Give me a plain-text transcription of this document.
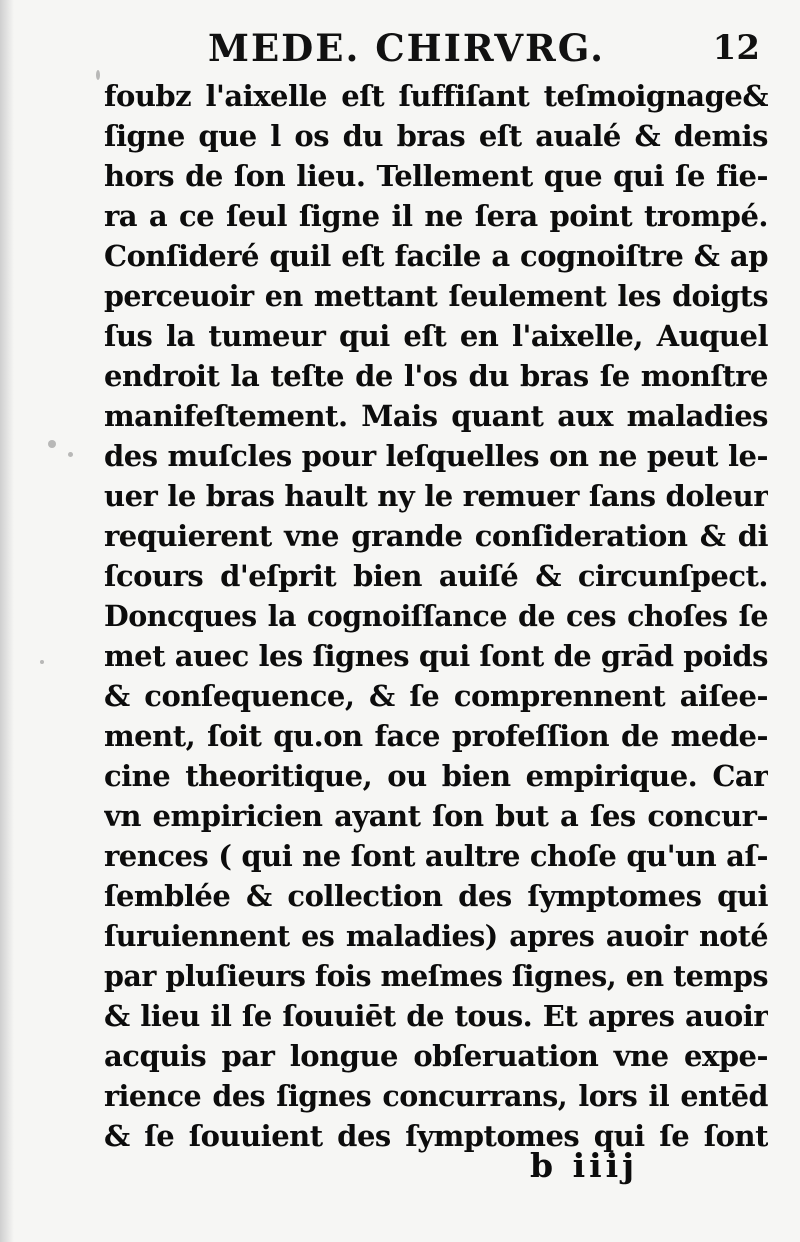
MEDE. CHIRVRG.	12
foubz l'aixelle eſt ſuffiſant teſmoignage&
ſigne que l os du bras eſt aualé & demis
hors de ſon lieu. Tellement que qui ſe fie-
ra a ce ſeul ſigne il ne ſera point trompé.
Conſideré quil eſt facile a cognoiſtre & ap
perceuoir en mettant ſeulement les doigts
ſus la tumeur qui eſt en l'aixelle, Auquel
endroit la teſte de l'os du bras ſe monſtre
manifeſtement. Mais quant aux maladies
des muſcles pour leſquelles on ne peut le-
uer le bras hault ny le remuer ſans doleur
requierent vne grande conſideration & di
ſcours d'eſprit bien auiſé & circunſpect.
Doncques la cognoiſſance de ces choſes ſe
met auec les ſignes qui ſont de grād poids
& conſequence, & ſe comprennent aiſee-
ment, ſoit qu.on face profeſſion de mede-
cine theoritique, ou bien empirique. Car
vn empiricien ayant ſon but a ſes concur-
rences ( qui ne ſont aultre choſe qu'un aſ-
ſemblée & collection des ſymptomes qui
ſuruiennent es maladies) apres auoir noté
par pluſieurs fois meſmes ſignes, en temps
& lieu il ſe ſouuiēt de tous. Et apres auoir
acquis par longue obſeruation vne expe-
rience des ſignes concurrans, lors il entēd
& ſe ſouuient des ſymptomes qui ſe ſont
b iiij
